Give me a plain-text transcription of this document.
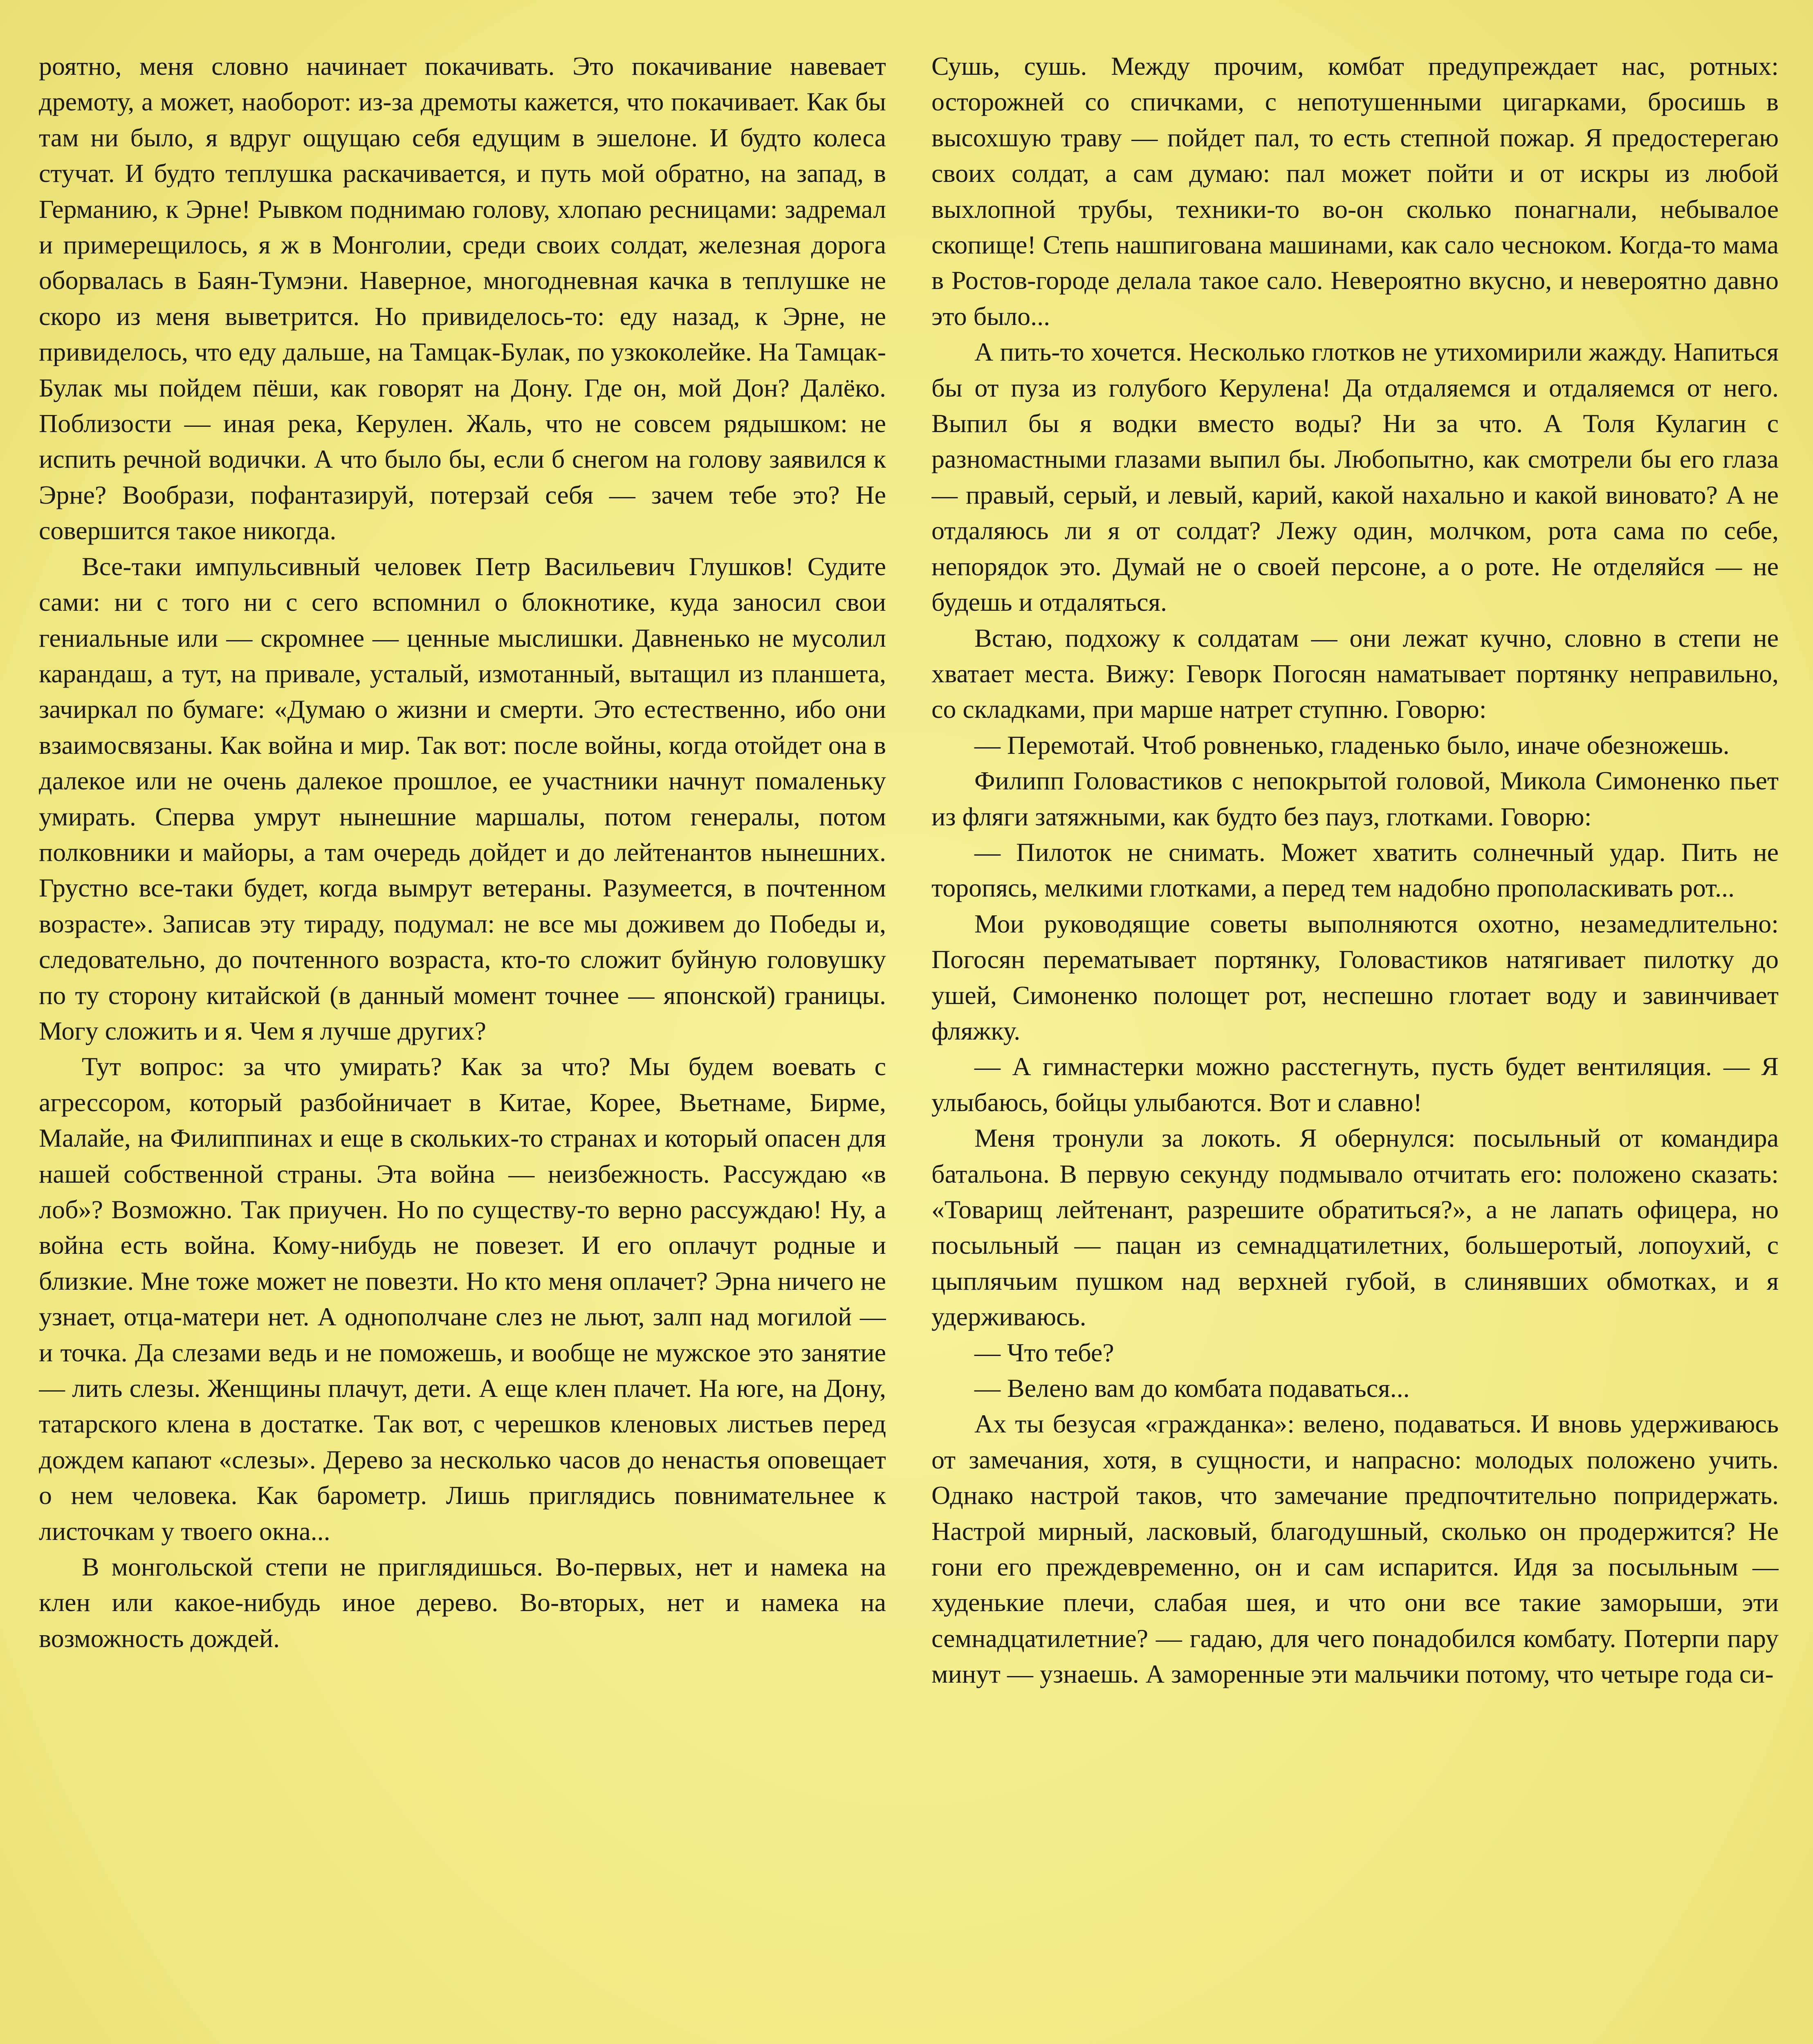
роятно, меня словно начинает покачивать. Это покачивание навевает дремоту, а может, наоборот: из-за дремоты кажется, что покачивает. Как бы там ни было, я вдруг ощущаю себя едущим в эшелоне. И будто колеса стучат. И будто теплушка раскачивается, и путь мой обратно, на запад, в Германию, к Эрне! Рывком поднимаю голову, хлопаю ресницами: задремал и примерещилось, я ж в Монголии, среди своих солдат, железная дорога оборвалась в Баян-Тумэни. Наверное, многодневная качка в теплушке не скоро из меня выветрится. Но привиделось-то: еду назад, к Эрне, не привиделось, что еду дальше, на Тамцак-Булак, по узкоколейке. На Тамцак-Булак мы пойдем пёши, как говорят на Дону. Где он, мой Дон? Далёко. Поблизости — иная река, Керулен. Жаль, что не совсем рядышком: не испить речной водички. А что было бы, если б снегом на голову заявился к Эрне? Вообрази, пофантазируй, потерзай себя — зачем тебе это? Не совершится такое никогда.

Все-таки импульсивный человек Петр Васильевич Глушков! Судите сами: ни с того ни с сего вспомнил о блокнотике, куда заносил свои гениальные или — скромнее — ценные мыслишки. Давненько не мусолил карандаш, а тут, на привале, усталый, измотанный, вытащил из планшета, зачиркал по бумаге: «Думаю о жизни и смерти. Это естественно, ибо они взаимосвязаны. Как война и мир. Так вот: после войны, когда отойдет она в далекое или не очень далекое прошлое, ее участники начнут помаленьку умирать. Сперва умрут нынешние маршалы, потом генералы, потом полковники и майоры, а там очередь дойдет и до лейтенантов нынешних. Грустно все-таки будет, когда вымрут ветераны. Разумеется, в почтенном возрасте». Записав эту тираду, подумал: не все мы доживем до Победы и, следовательно, до почтенного возраста, кто-то сложит буйную головушку по ту сторону китайской (в данный момент точнее — японской) границы. Могу сложить и я. Чем я лучше других?

Тут вопрос: за что умирать? Как за что? Мы будем воевать с агрессором, который разбойничает в Китае, Корее, Вьетнаме, Бирме, Малайе, на Филиппинах и еще в скольких-то странах и который опасен для нашей собственной страны. Эта война — неизбежность. Рассуждаю «в лоб»? Возможно. Так приучен. Но по существу-то верно рассуждаю! Ну, а война есть война. Кому-нибудь не повезет. И его оплачут родные и близкие. Мне тоже может не повезти. Но кто меня оплачет? Эрна ничего не узнает, отца-матери нет. А однополчане слез не льют, залп над могилой — и точка. Да слезами ведь и не поможешь, и вообще не мужское это занятие — лить слезы. Женщины плачут, дети. А еще клен плачет. На юге, на Дону, татарского клена в достатке. Так вот, с черешков кленовых листьев перед дождем капают «слезы». Дерево за несколько часов до ненастья оповещает о нем человека. Как барометр. Лишь приглядись повнимательнее к листочкам у твоего окна...

В монгольской степи не приглядишься. Во-первых, нет и намека на клен или какое-нибудь иное дерево. Во-вторых, нет и намека на возможность дождей.

Сушь, сушь. Между прочим, комбат предупреждает нас, ротных: осторожней со спичками, с непотушенными цигарками, бросишь в высохшую траву — пойдет пал, то есть степной пожар. Я предостерегаю своих солдат, а сам думаю: пал может пойти и от искры из любой выхлопной трубы, техники-то во-он сколько понагнали, небывалое скопище! Степь нашпигована машинами, как сало чесноком. Когда-то мама в Ростов-городе делала такое сало. Невероятно вкусно, и невероятно давно это было...

А пить-то хочется. Несколько глотков не утихомирили жажду. Напиться бы от пуза из голубого Керулена! Да отдаляемся и отдаляемся от него. Выпил бы я водки вместо воды? Ни за что. А Толя Кулагин с разномастными глазами выпил бы. Любопытно, как смотрели бы его глаза — правый, серый, и левый, карий, какой нахально и какой виновато? А не отдаляюсь ли я от солдат? Лежу один, молчком, рота сама по себе, непорядок это. Думай не о своей персоне, а о роте. Не отделяйся — не будешь и отдаляться.

Встаю, подхожу к солдатам — они лежат кучно, словно в степи не хватает места. Вижу: Геворк Погосян наматывает портянку неправильно, со складками, при марше натрет ступню. Говорю:

— Перемотай. Чтоб ровненько, гладенько было, иначе обезножешь.

Филипп Головастиков с непокрытой головой, Микола Симоненко пьет из фляги затяжными, как будто без пауз, глотками. Говорю:

— Пилоток не снимать. Может хватить солнечный удар. Пить не торопясь, мелкими глотками, а перед тем надобно прополаскивать рот...

Мои руководящие советы выполняются охотно, незамедлительно: Погосян перематывает портянку, Головастиков натягивает пилотку до ушей, Симоненко полощет рот, неспешно глотает воду и завинчивает фляжку.

— А гимнастерки можно расстегнуть, пусть будет вентиляция. — Я улыбаюсь, бойцы улыбаются. Вот и славно!

Меня тронули за локоть. Я обернулся: посыльный от командира батальона. В первую секунду подмывало отчитать его: положено сказать: «Товарищ лейтенант, разрешите обратиться?», а не лапать офицера, но посыльный — пацан из семнадцатилетних, большеротый, лопоухий, с цыплячьим пушком над верхней губой, в слинявших обмотках, и я удерживаюсь.

— Что тебе?

— Велено вам до комбата подаваться...

Ах ты безусая «гражданка»: велено, подаваться. И вновь удерживаюсь от замечания, хотя, в сущности, и напрасно: молодых положено учить. Однако настрой таков, что замечание предпочтительно попридержать. Настрой мирный, ласковый, благодушный, сколько он продержится? Не гони его преждевременно, он и сам испарится. Идя за посыльным — худенькие плечи, слабая шея, и что они все такие заморыши, эти семнадцатилетние? — гадаю, для чего понадобился комбату. Потерпи пару минут — узнаешь. А заморенные эти мальчики потому, что четыре года си-
